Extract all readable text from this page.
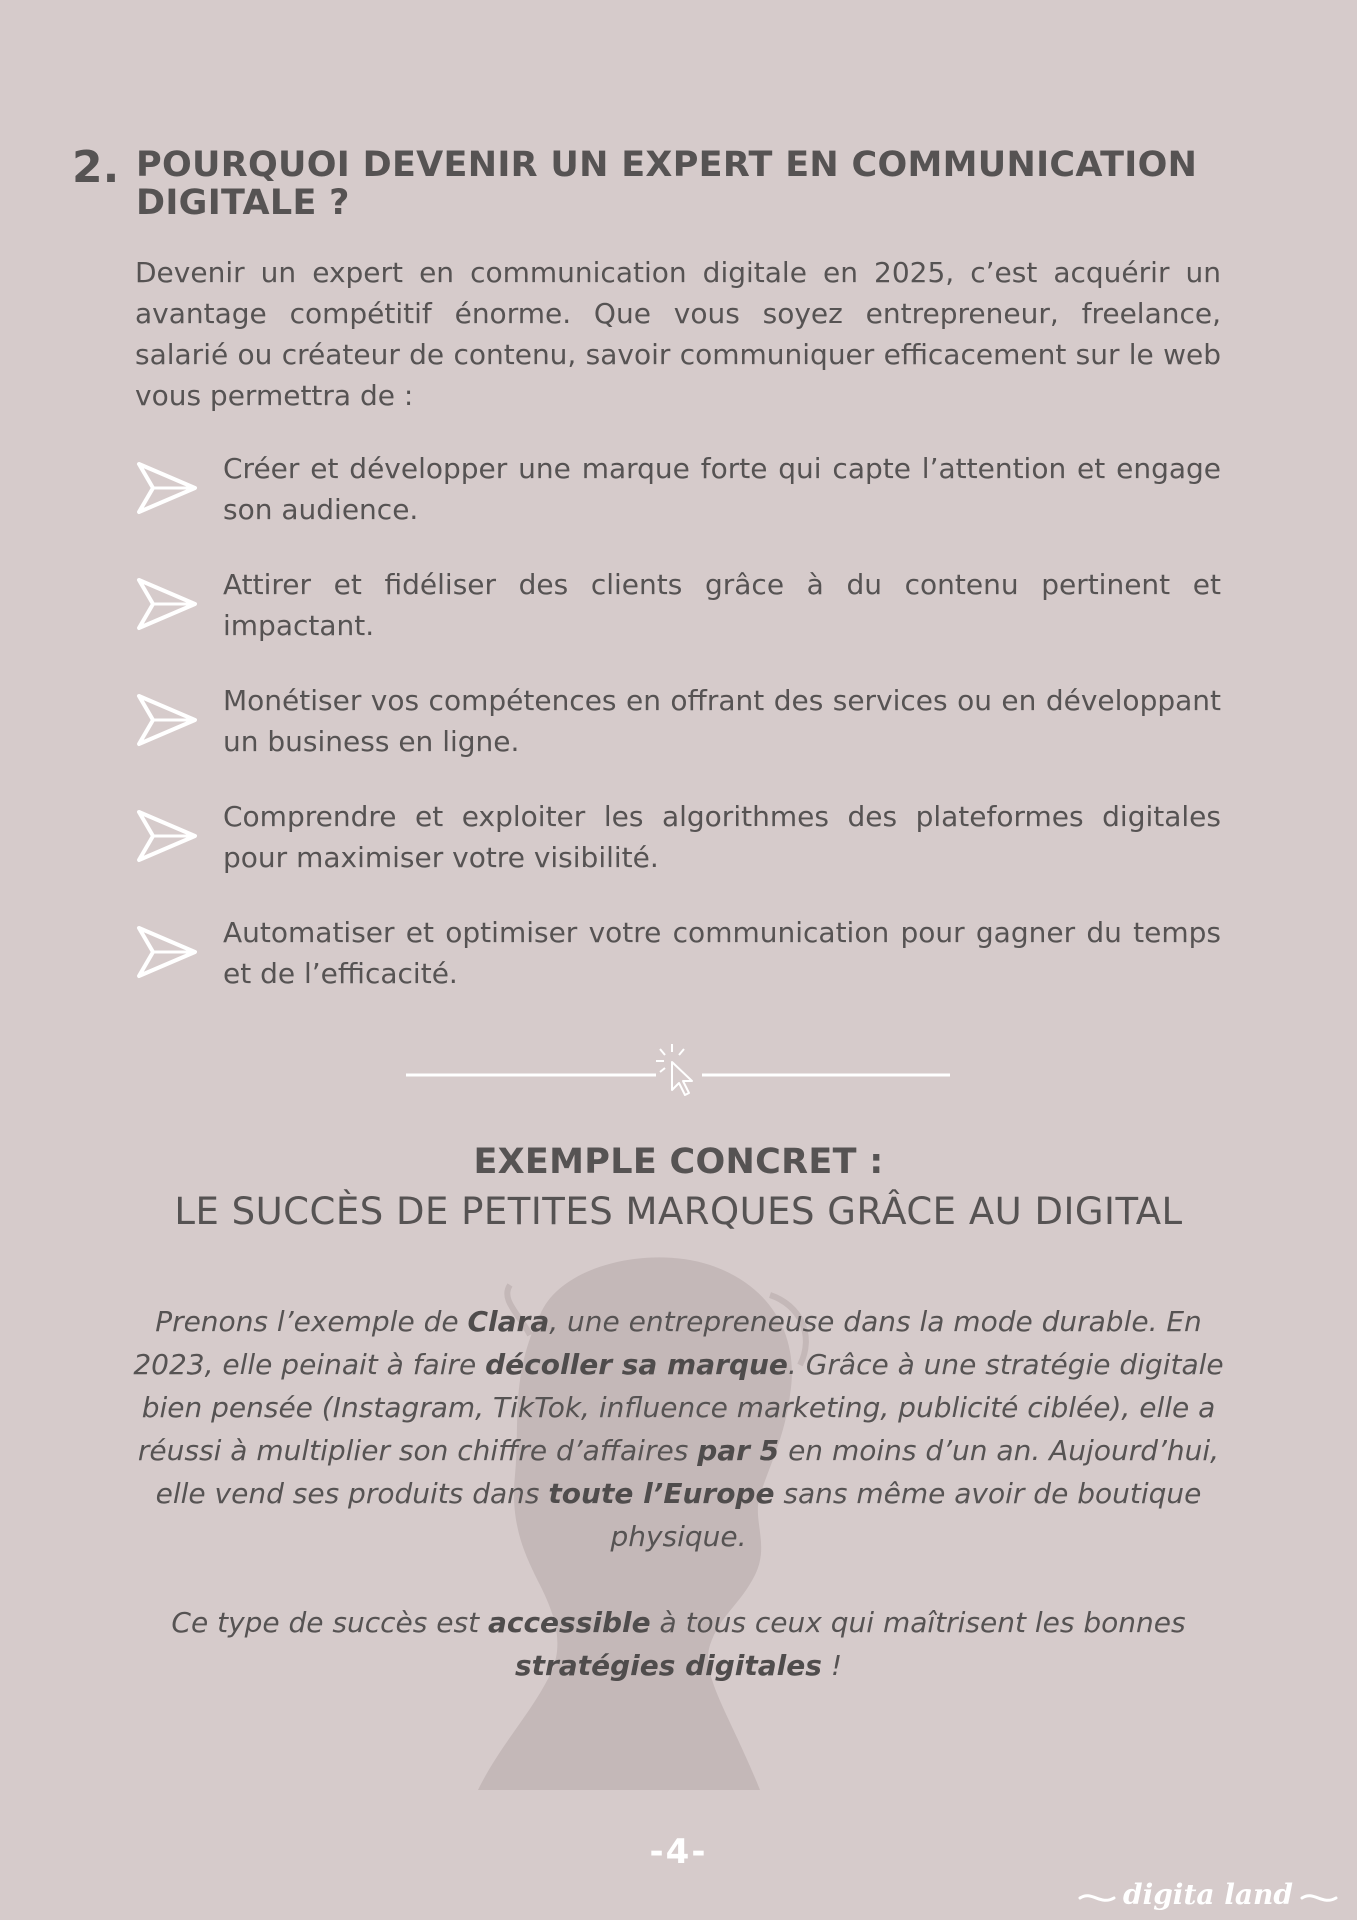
2. POURQUOI DEVENIR UN EXPERT EN COMMUNICATION DIGITALE ?
Devenir un expert en communication digitale en 2025, c’est acquérir un avantage compétitif énorme. Que vous soyez entrepreneur, freelance, salarié ou créateur de contenu, savoir communiquer efficacement sur le web vous permettra de :
Créer et développer une marque forte qui capte l’attention et engage son audience.
Attirer et fidéliser des clients grâce à du contenu pertinent et impactant.
Monétiser vos compétences en offrant des services ou en développant un business en ligne.
Comprendre et exploiter les algorithmes des plateformes digitales pour maximiser votre visibilité.
Automatiser et optimiser votre communication pour gagner du temps et de l’efficacité.
EXEMPLE CONCRET :
LE SUCCÈS DE PETITES MARQUES GRÂCE AU DIGITAL

Prenons l’exemple de Clara, une entrepreneuse dans la mode durable. En 2023, elle peinait à faire décoller sa marque. Grâce à une stratégie digitale bien pensée (Instagram, TikTok, influence marketing, publicité ciblée), elle a réussi à multiplier son chiffre d’affaires par 5 en moins d’un an. Aujourd’hui, elle vend ses produits dans toute l’Europe sans même avoir de boutique physique.

Ce type de succès est accessible à tous ceux qui maîtrisent les bonnes stratégies digitales !

-4-
digita land
